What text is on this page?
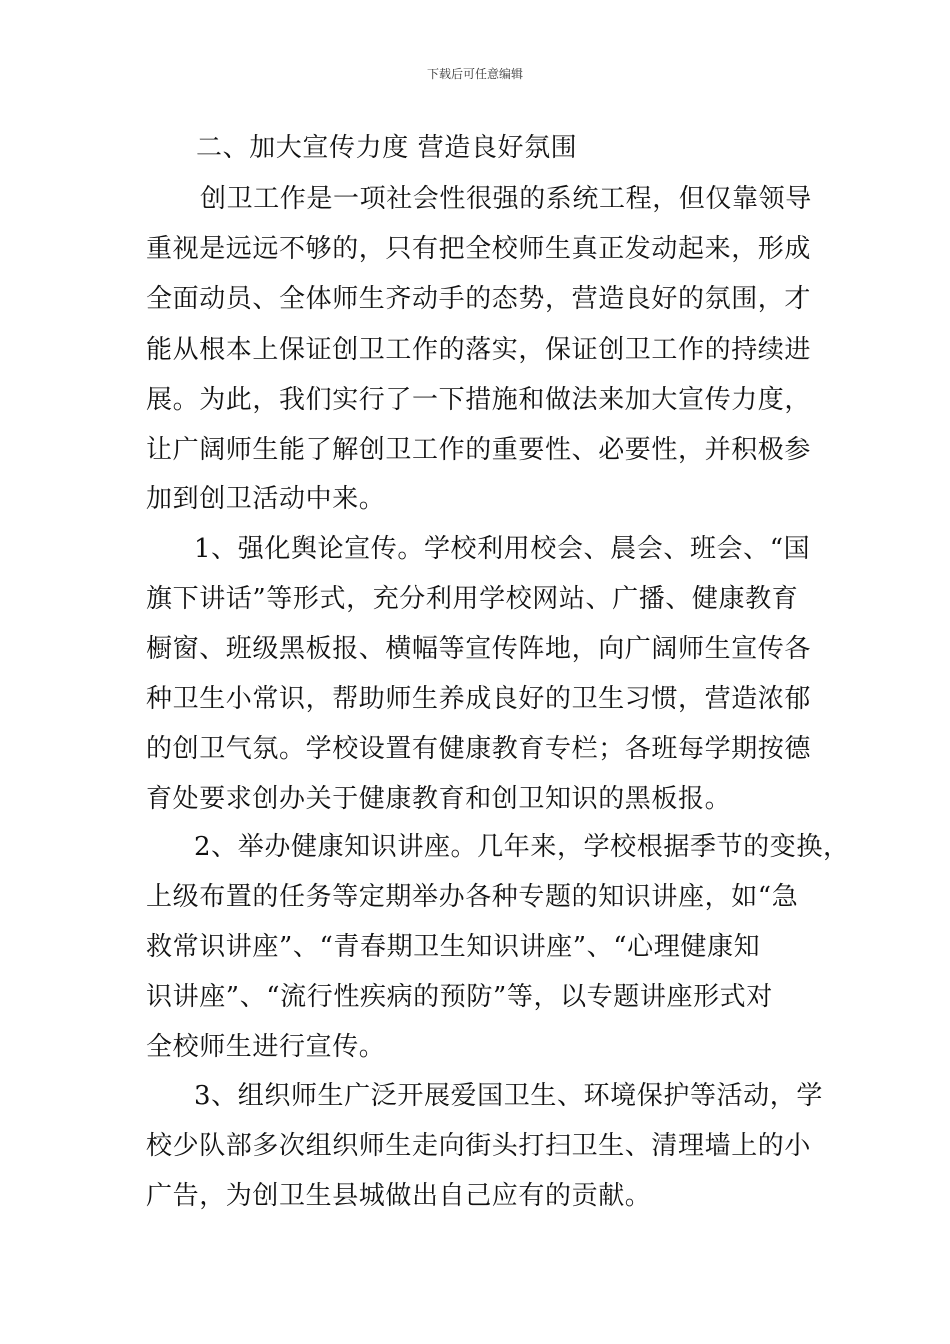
下载后可任意编辑
二、加大宣传力度 营造良好氛围
创卫工作是一项社会性很强的系统工程，但仅靠领导
重视是远远不够的，只有把全校师生真正发动起来，形成
全面动员、全体师生齐动手的态势，营造良好的氛围，才
能从根本上保证创卫工作的落实，保证创卫工作的持续进
展。为此，我们实行了一下措施和做法来加大宣传力度，
让广阔师生能了解创卫工作的重要性、必要性，并积极参
加到创卫活动中来。
1、强化舆论宣传。学校利用校会、晨会、班会、“国
旗下讲话”等形式，充分利用学校网站、广播、健康教育
橱窗、班级黑板报、横幅等宣传阵地，向广阔师生宣传各
种卫生小常识，帮助师生养成良好的卫生习惯，营造浓郁
的创卫气氛。学校设置有健康教育专栏；各班每学期按德
育处要求创办关于健康教育和创卫知识的黑板报。
2、举办健康知识讲座。几年来，学校根据季节的变换，
上级布置的任务等定期举办各种专题的知识讲座，如“急
救常识讲座”、“青春期卫生知识讲座”、“心理健康知
识讲座”、“流行性疾病的预防”等，以专题讲座形式对
全校师生进行宣传。
3、组织师生广泛开展爱国卫生、环境保护等活动，学
校少队部多次组织师生走向街头打扫卫生、清理墙上的小
广告，为创卫生县城做出自己应有的贡献。
